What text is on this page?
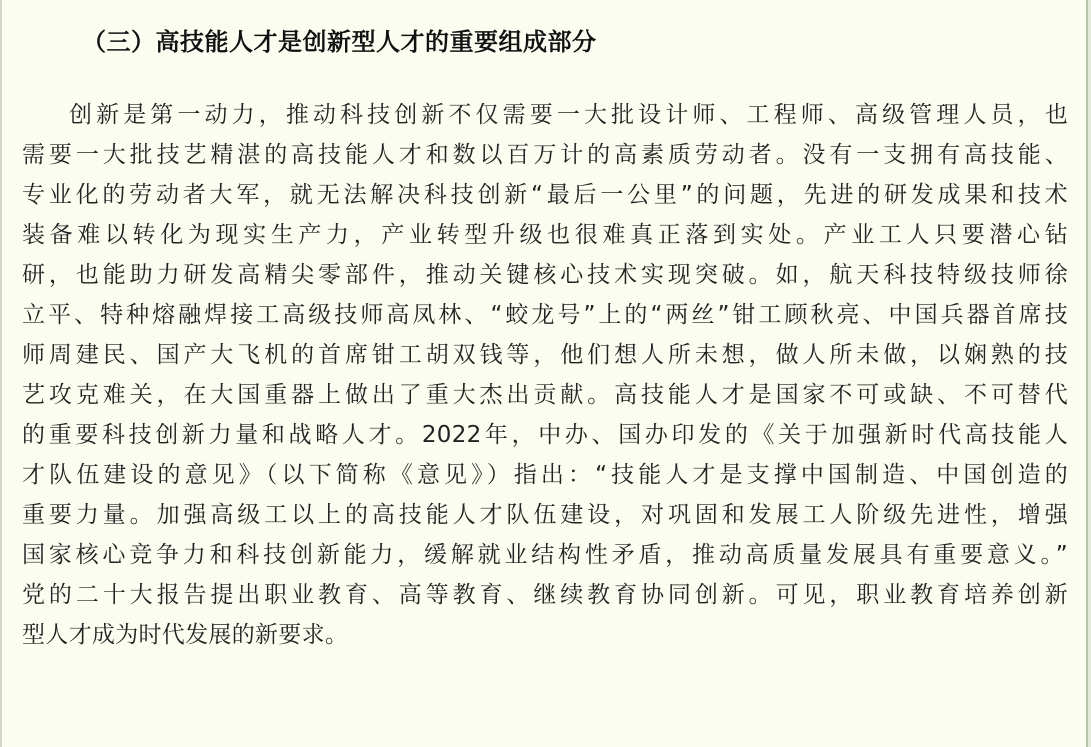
（三）高技能人才是创新型人才的重要组成部分
创新是第一动力，推动科技创新不仅需要一大批设计师、工程师、高级管理人员，也
需要一大批技艺精湛的高技能人才和数以百万计的高素质劳动者。没有一支拥有高技能、
专业化的劳动者大军，就无法解决科技创新“最后一公里”的问题，先进的研发成果和技术
装备难以转化为现实生产力，产业转型升级也很难真正落到实处。产业工人只要潜心钻
研，也能助力研发高精尖零部件，推动关键核心技术实现突破。如，航天科技特级技师徐
立平、特种熔融焊接工高级技师高凤林、“蛟龙号”上的“两丝”钳工顾秋亮、中国兵器首席技
师周建民、国产大飞机的首席钳工胡双钱等，他们想人所未想，做人所未做，以娴熟的技
艺攻克难关，在大国重器上做出了重大杰出贡献。高技能人才是国家不可或缺、不可替代
的重要科技创新力量和战略人才。2022年，中办、国办印发的《关于加强新时代高技能人
才队伍建设的意见》（以下简称《意见》）指出：“技能人才是支撑中国制造、中国创造的
重要力量。加强高级工以上的高技能人才队伍建设，对巩固和发展工人阶级先进性，增强
国家核心竞争力和科技创新能力，缓解就业结构性矛盾，推动高质量发展具有重要意义。”
党的二十大报告提出职业教育、高等教育、继续教育协同创新。可见，职业教育培养创新
型人才成为时代发展的新要求。
